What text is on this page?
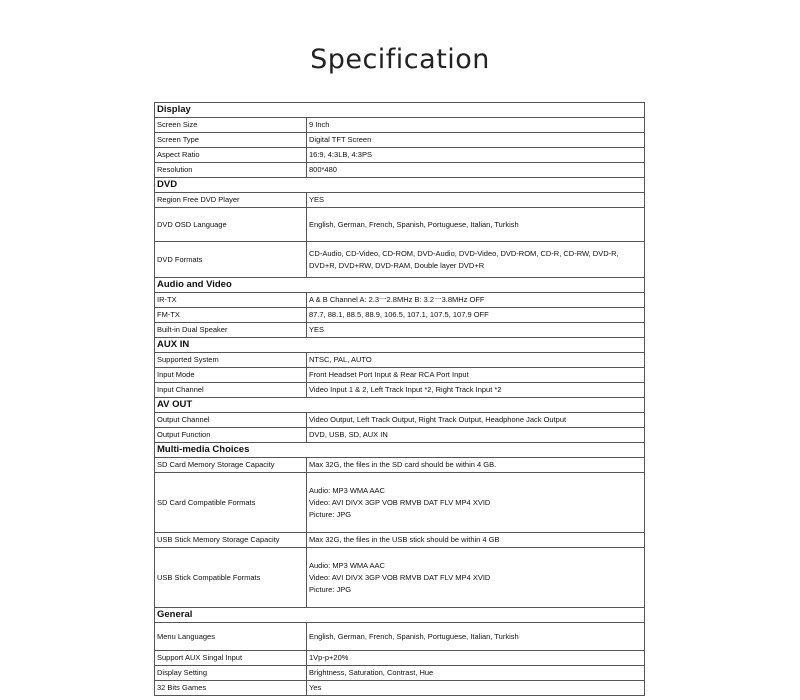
Specification
Display	
Screen Size	9 Inch
Screen Type	Digital TFT Screen
Aspect Ratio	16:9, 4:3LB, 4:3PS
Resolution	800*480
DVD	
Region Free DVD Player	YES
DVD OSD Language	English, German, French, Spanish, Portuguese, Italian, Turkish
DVD Formats	CD-Audio, CD-Video, CD-ROM, DVD-Audio, DVD-Video, DVD-ROM, CD-R, CD-RW, DVD-R,
DVD+R, DVD+RW, DVD-RAM, Double layer DVD+R

Audio and Video	
IR-TX	A & B Channel A: 2.3一2.8MHz B: 3.2一3.8MHz OFF
FM-TX	87.7, 88.1, 88.5, 88.9, 106.5, 107.1, 107.5, 107.9 OFF
Built-in Dual Speaker	YES
AUX IN	
Supported System	NTSC, PAL, AUTO
Input Mode	Front Headset Port Input & Rear RCA Port Input
Input Channel	Video Input 1 & 2, Left Track Input *2, Right Track Input *2
AV OUT	
Output Channel	Video Output, Left Track Output, Right Track Output, Headphone Jack Output
Output Function	DVD, USB, SD, AUX IN
Multi-media Choices	
SD Card Memory Storage Capacity	Max 32G, the files in the SD card should be within 4 GB.
SD Card Compatible Formats	Audio: MP3 WMA AAC
Video: AVI DIVX 3GP VOB RMVB DAT FLV MP4 XVID
Picture: JPG

USB Stick Memory Storage Capacity	Max 32G, the files in the USB stick should be within 4 GB
USB Stick Compatible Formats	Audio: MP3 WMA AAC
Video: AVI DIVX 3GP VOB RMVB DAT FLV MP4 XVID
Picture: JPG

General	
Menu Languages	English, German, French, Spanish, Portuguese, Italian, Turkish
Support AUX Singal Input	1Vp-p+20%
Display Setting	Brightness, Saturation, Contrast, Hue
32 Bits Games	Yes
